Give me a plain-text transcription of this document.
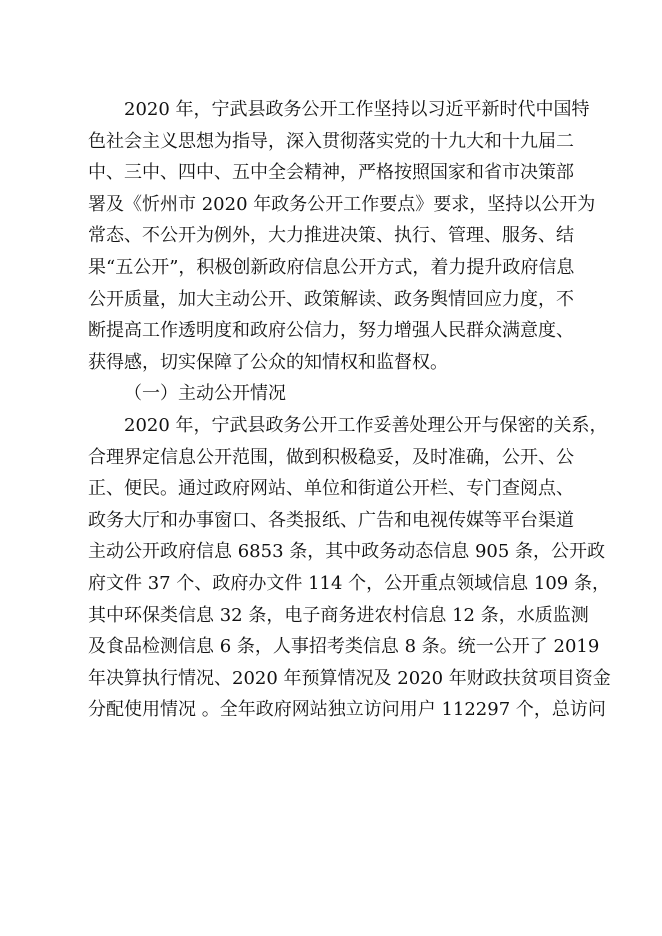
2020 年，宁武县政务公开工作坚持以习近平新时代中国特
色社会主义思想为指导，深入贯彻落实党的十九大和十九届二
中、三中、四中、五中全会精神，严格按照国家和省市决策部
署及《忻州市 2020 年政务公开工作要点》要求，坚持以公开为
常态、不公开为例外，大力推进决策、执行、管理、服务、结
果“五公开”，积极创新政府信息公开方式，着力提升政府信息
公开质量，加大主动公开、政策解读、政务舆情回应力度，不
断提高工作透明度和政府公信力，努力增强人民群众满意度、
获得感，切实保障了公众的知情权和监督权。
（一）主动公开情况
2020 年，宁武县政务公开工作妥善处理公开与保密的关系，
合理界定信息公开范围，做到积极稳妥，及时准确，公开、公
正、便民。通过政府网站、单位和街道公开栏、专门查阅点、
政务大厅和办事窗口、各类报纸、广告和电视传媒等平台渠道
主动公开政府信息 6853 条，其中政务动态信息 905 条，公开政
府文件 37 个、政府办文件 114 个，公开重点领域信息 109 条，
其中环保类信息 32 条，电子商务进农村信息 12 条，水质监测
及食品检测信息 6 条，人事招考类信息 8 条。统一公开了 2019
年决算执行情况、2020 年预算情况及 2020 年财政扶贫项目资金
分配使用情况 。全年政府网站独立访问用户 112297 个，总访问
